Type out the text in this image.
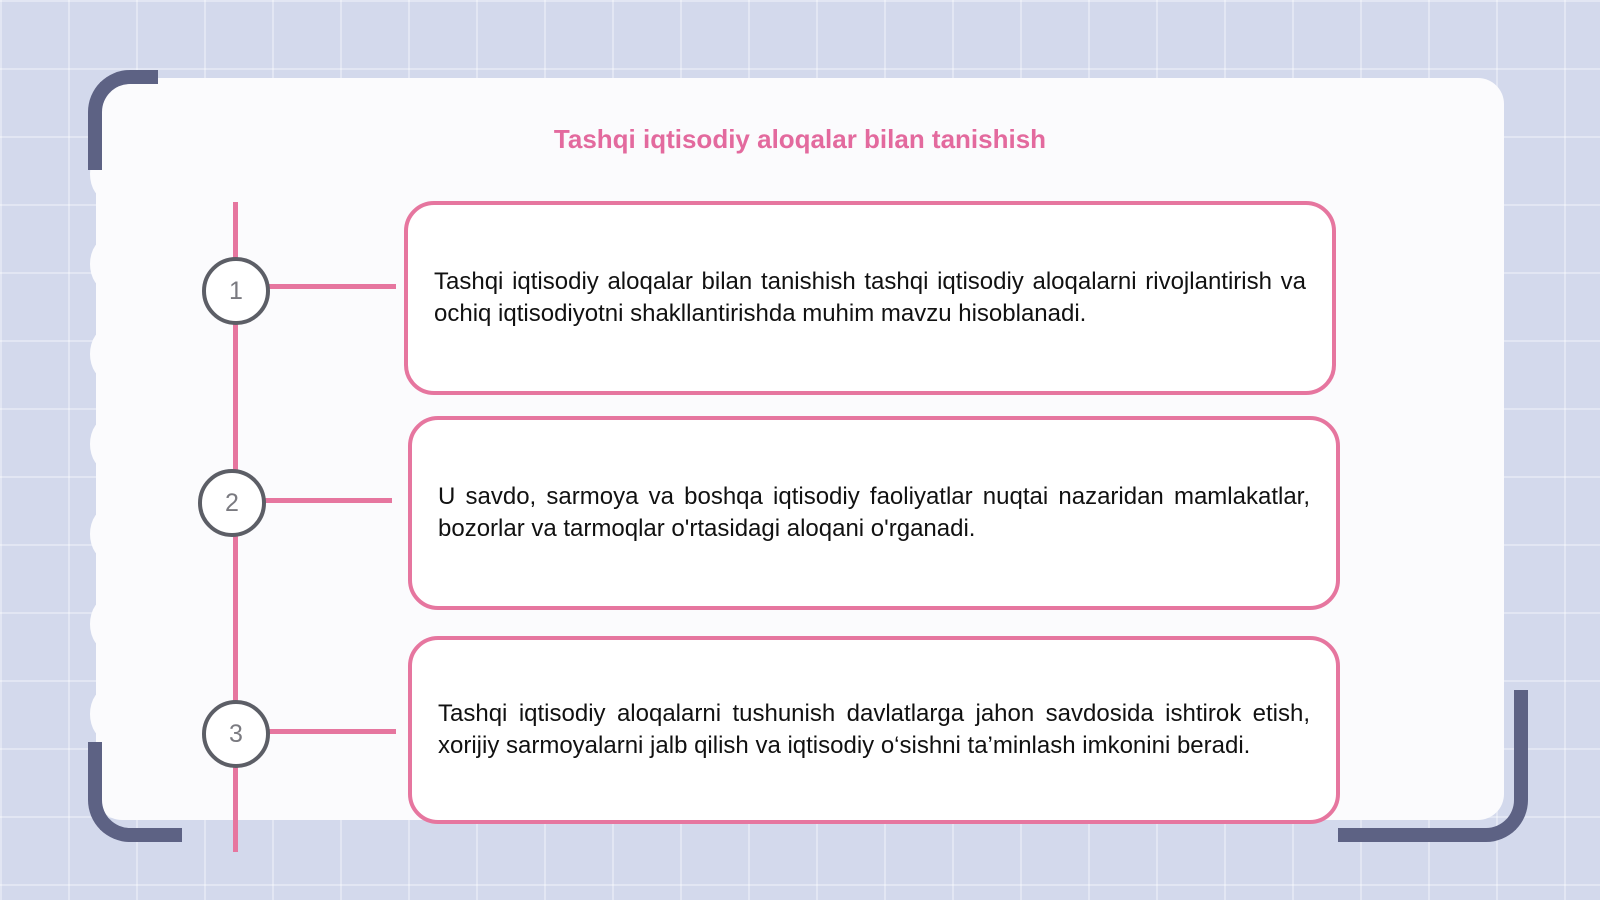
Tashqi iqtisodiy aloqalar bilan tanishish
1
2
3

Tashqi iqtisodiy aloqalar bilan tanishish tashqi iqtisodiy aloqalarni rivojlantirish va ochiq iqtisodiyotni shakllantirishda muhim mavzu hisoblanadi.

U savdo, sarmoya va boshqa iqtisodiy faoliyatlar nuqtai nazaridan mamlakatlar, bozorlar va tarmoqlar o'rtasidagi aloqani o'rganadi.

Tashqi iqtisodiy aloqalarni tushunish davlatlarga jahon savdosida ishtirok etish, xorijiy sarmoyalarni jalb qilish va iqtisodiy o‘sishni ta’minlash imkonini beradi.
